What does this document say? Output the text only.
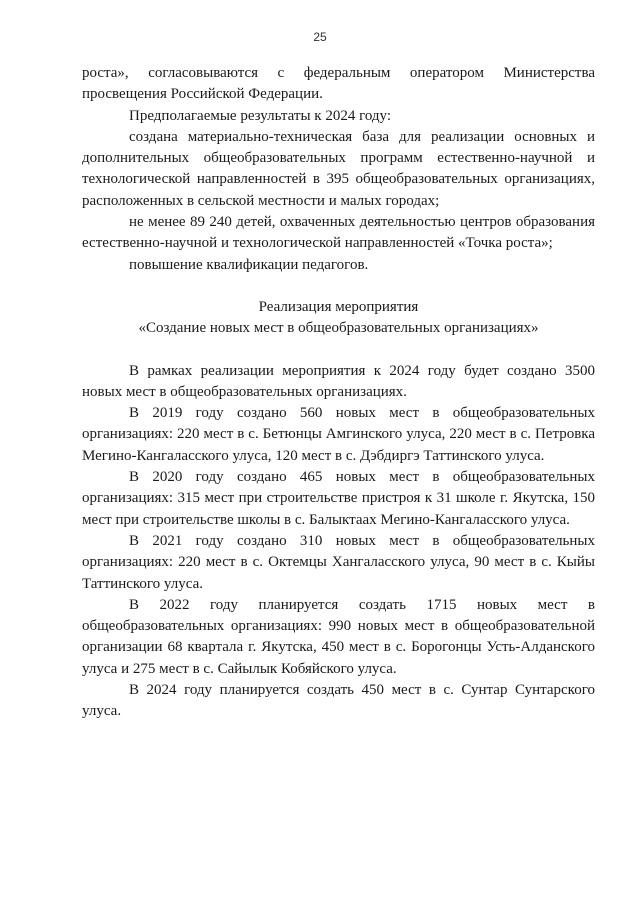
25

роста», согласовываются с федеральным оператором Министерства просвещения Российской Федерации.

Предполагаемые результаты к 2024 году:

создана материально-техническая база для реализации основных и дополнительных общеобразовательных программ естественно-научной и технологической направленностей в 395 общеобразовательных организациях, расположенных в сельской местности и малых городах;

не менее 89 240 детей, охваченных деятельностью центров образования естественно-научной и технологической направленностей «Точка роста»;

повышение квалификации педагогов.

Реализация мероприятия

«Создание новых мест в общеобразовательных организациях»

В рамках реализации мероприятия к 2024 году будет создано 3500 новых мест в общеобразовательных организациях.

В 2019 году создано 560 новых мест в общеобразовательных организациях: 220 мест в с. Бетюнцы Амгинского улуса, 220 мест в с. Петровка Мегино-Кангаласского улуса, 120 мест в с. Дэбдиргэ Таттинского улуса.

В 2020 году создано 465 новых мест в общеобразовательных организациях: 315 мест при строительстве пристроя к 31 школе г. Якутска, 150 мест при строительстве школы в с. Балыктаах Мегино-Кангаласского улуса.

В 2021 году создано 310 новых мест в общеобразовательных организациях: 220 мест в с. Октемцы Хангаласского улуса, 90 мест в с. Кыйы Таттинского улуса.

В 2022 году планируется создать 1715 новых мест в общеобразовательных организациях: 990 новых мест в общеобразовательной организации 68 квартала г. Якутска, 450 мест в с. Борогонцы Усть-Алданского улуса и 275 мест в с. Сайылык Кобяйского улуса.

В 2024 году планируется создать 450 мест в с. Сунтар Сунтарского улуса.
